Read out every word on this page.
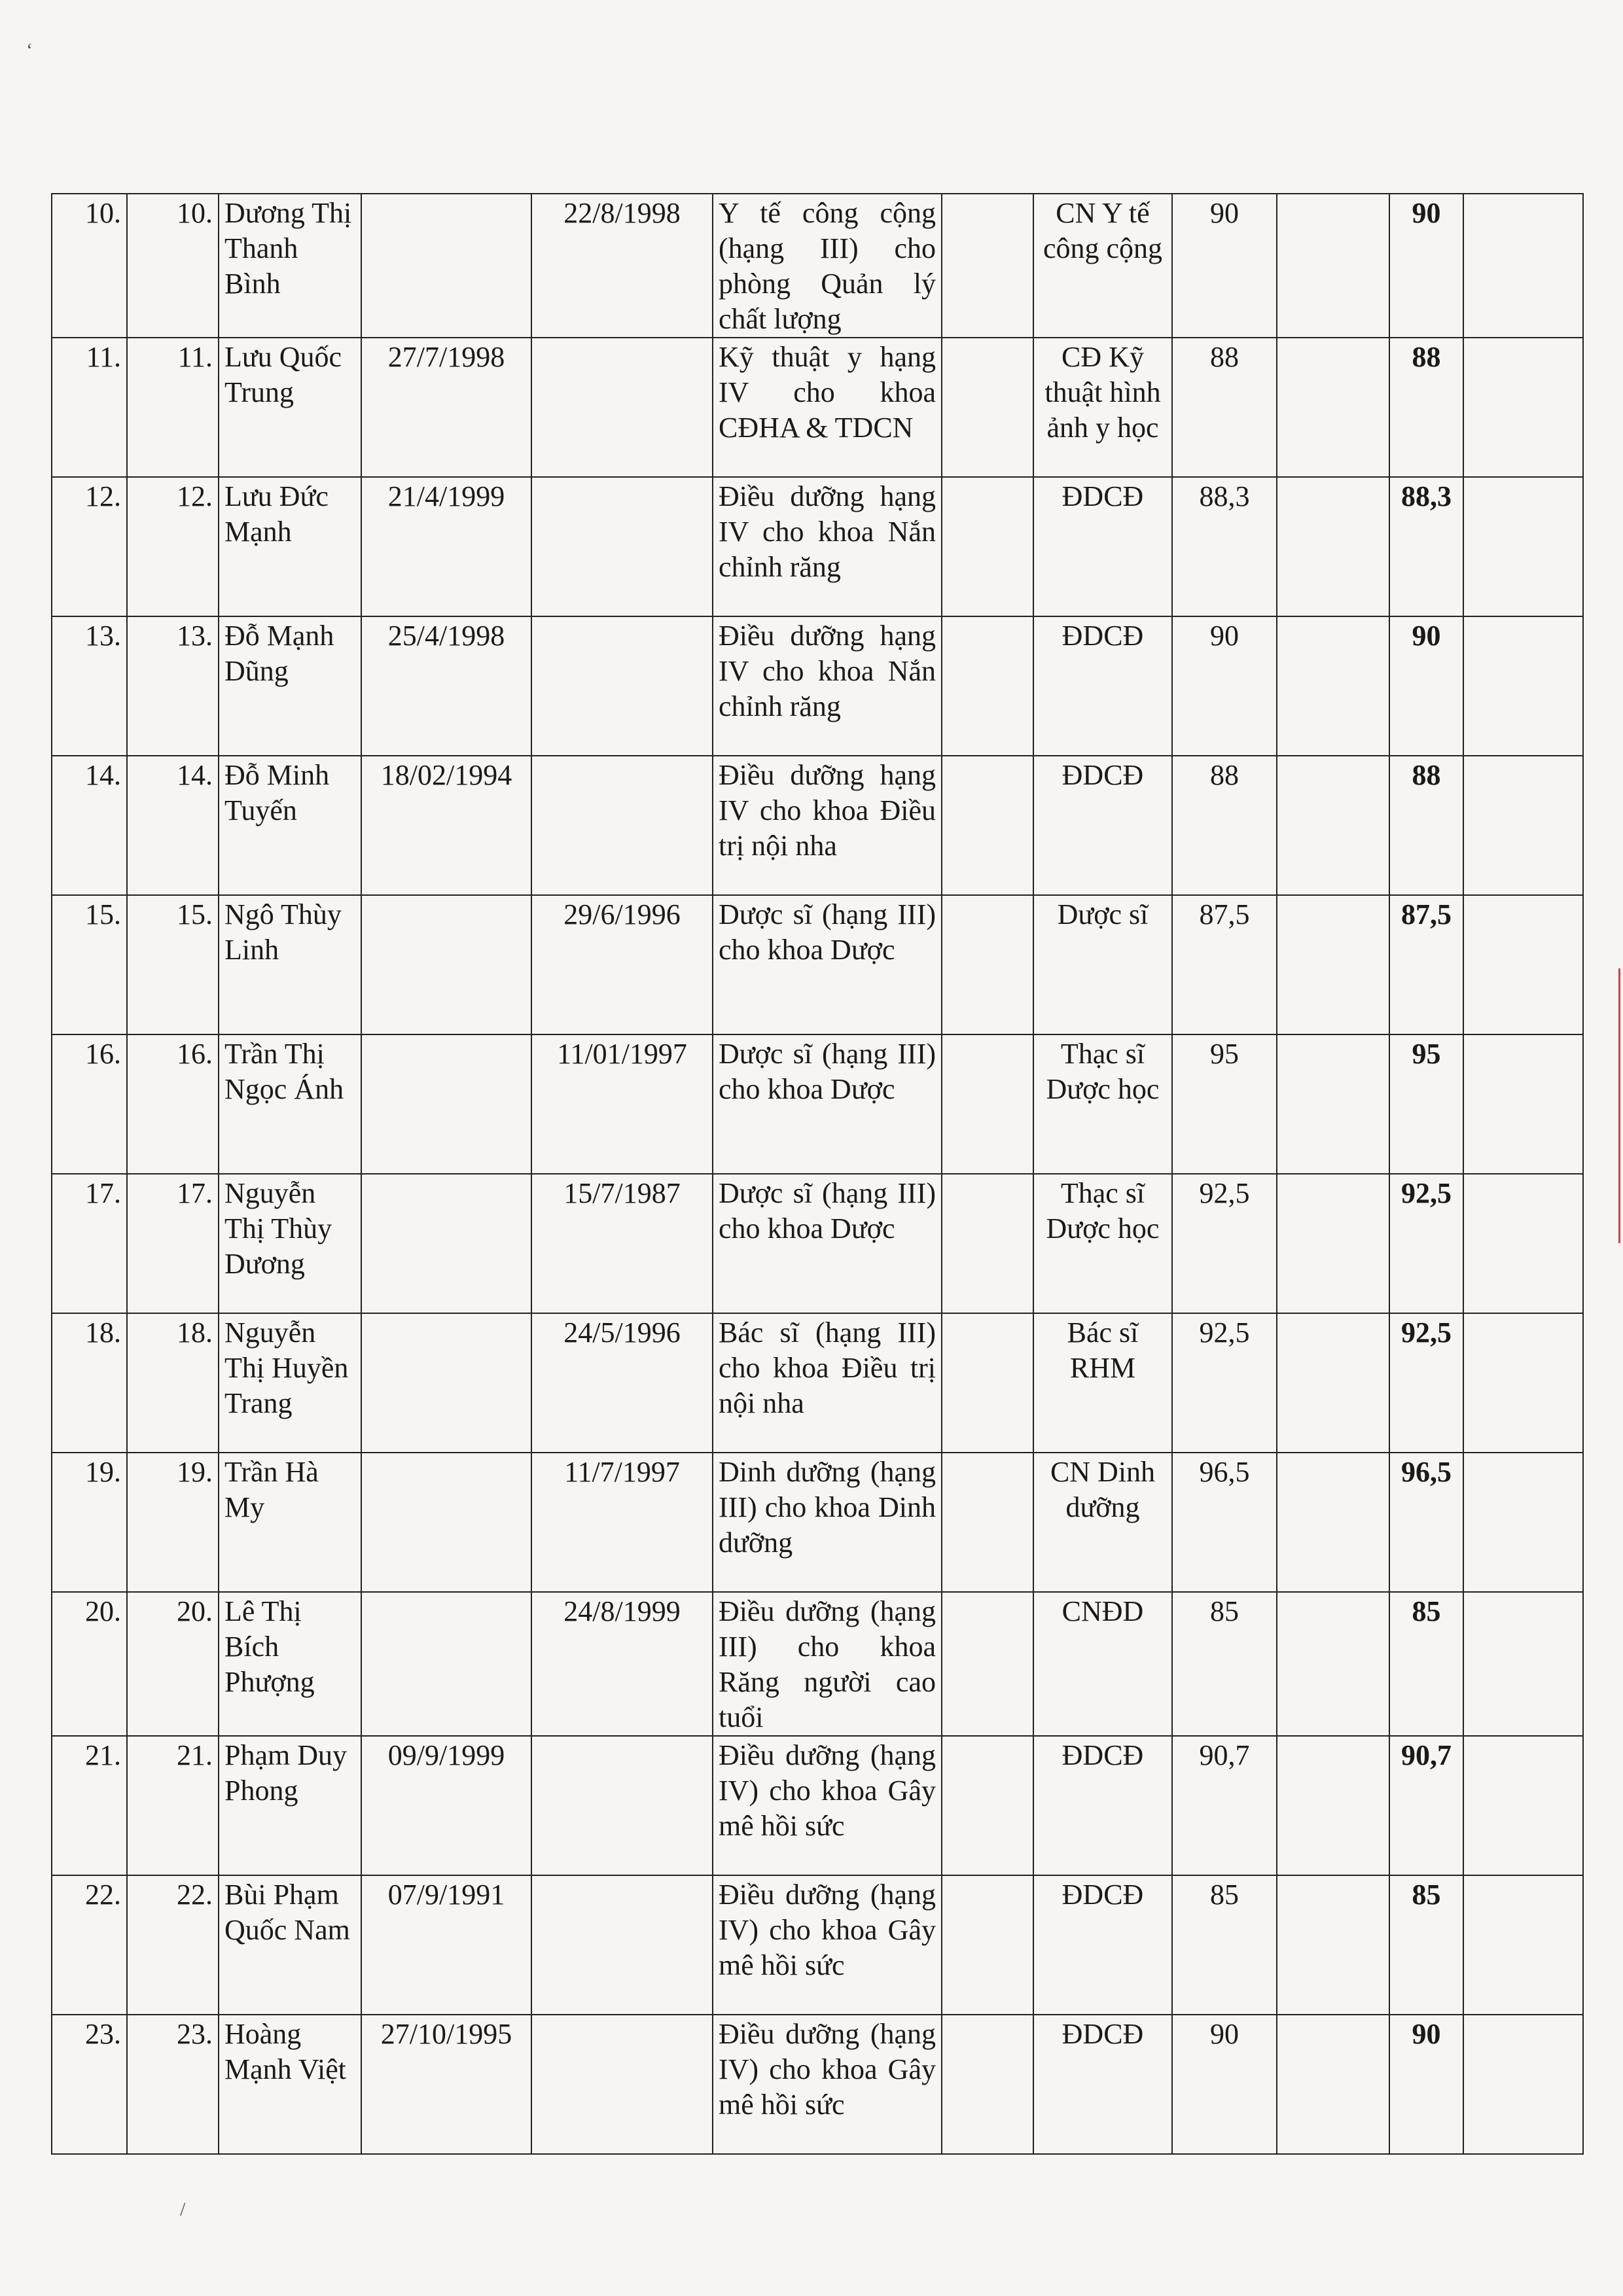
‘
/
10.	10.	Dương Thị Thanh Bình		22/8/1998	Y tế công cộng (hạng III) cho phòng Quản lý chất lượng		CN Y tế công cộng	90		90	
11.	11.	Lưu Quốc Trung	27/7/1998		Kỹ thuật y hạng IV cho khoa CĐHA & TDCN		CĐ Kỹ thuật hình ảnh y học	88		88	
12.	12.	Lưu Đức Mạnh	21/4/1999		Điều dưỡng hạng IV cho khoa Nắn chỉnh răng		ĐDCĐ	88,3		88,3	
13.	13.	Đỗ Mạnh Dũng	25/4/1998		Điều dưỡng hạng IV cho khoa Nắn chỉnh răng		ĐDCĐ	90		90	
14.	14.	Đỗ Minh Tuyến	18/02/1994		Điều dưỡng hạng IV cho khoa Điều trị nội nha		ĐDCĐ	88		88	
15.	15.	Ngô Thùy Linh		29/6/1996	Dược sĩ (hạng III) cho khoa Dược		Dược sĩ	87,5		87,5	
16.	16.	Trần Thị Ngọc Ánh		11/01/1997	Dược sĩ (hạng III) cho khoa Dược		Thạc sĩ Dược học	95		95	
17.	17.	Nguyễn Thị Thùy Dương		15/7/1987	Dược sĩ (hạng III) cho khoa Dược		Thạc sĩ Dược học	92,5		92,5	
18.	18.	Nguyễn Thị Huyền Trang		24/5/1996	Bác sĩ (hạng III) cho khoa Điều trị nội nha		Bác sĩ RHM	92,5		92,5	
19.	19.	Trần Hà My		11/7/1997	Dinh dưỡng (hạng III) cho khoa Dinh dưỡng		CN Dinh dưỡng	96,5		96,5	
20.	20.	Lê Thị Bích Phượng		24/8/1999	Điều dưỡng (hạng III) cho khoa Răng người cao tuổi		CNĐD	85		85	
21.	21.	Phạm Duy Phong	09/9/1999		Điều dưỡng (hạng IV) cho khoa Gây mê hồi sức		ĐDCĐ	90,7		90,7	
22.	22.	Bùi Phạm Quốc Nam	07/9/1991		Điều dưỡng (hạng IV) cho khoa Gây mê hồi sức		ĐDCĐ	85		85	
23.	23.	Hoàng Mạnh Việt	27/10/1995		Điều dưỡng (hạng IV) cho khoa Gây mê hồi sức		ĐDCĐ	90		90	
